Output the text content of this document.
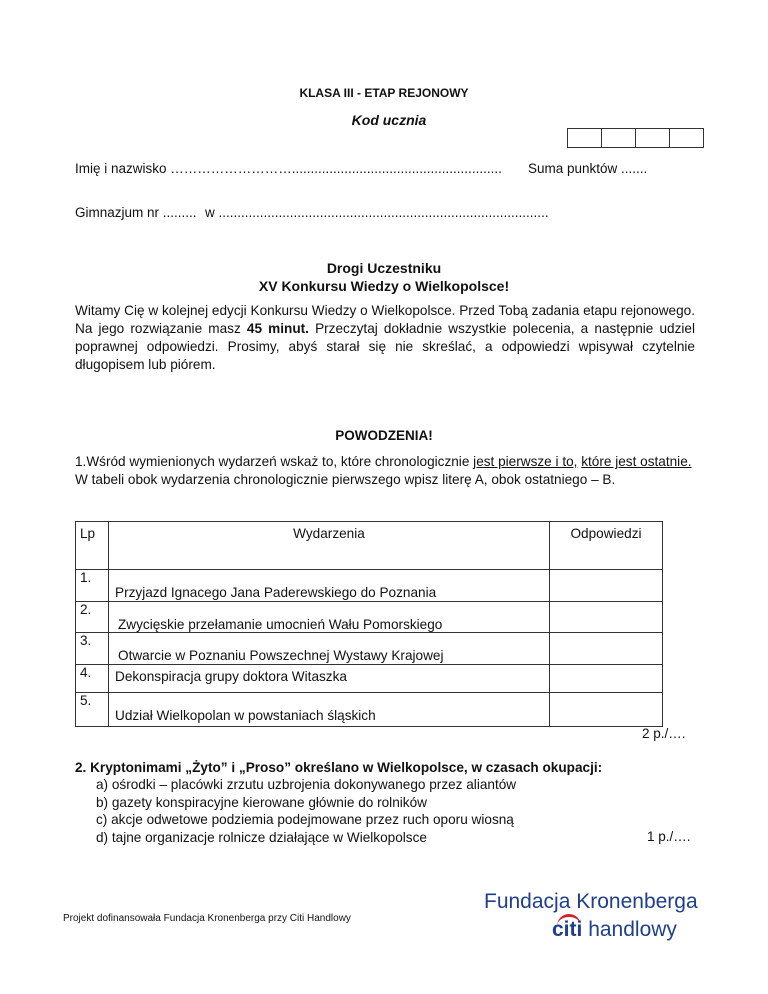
KLASA III - ETAP REJONOWY
Kod ucznia
Imię i nazwisko ………………………........................................................ Suma punktów .......
Gimnazjum nr ......... w ........................................................................................
Drogi Uczestniku
XV Konkursu Wiedzy o Wielkopolsce!
Witamy Cię w kolejnej edycji Konkursu Wiedzy o Wielkopolsce. Przed Tobą zadania etapu rejonowego. Na jego rozwiązanie masz 45 minut. Przeczytaj dokładnie wszystkie polecenia, a następnie udziel poprawnej odpowiedzi. Prosimy, abyś starał się nie skreślać, a odpowiedzi wpisywał czytelnie długopisem lub piórem.
POWODZENIA!
1.Wśród wymienionych wydarzeń wskaż to, które chronologicznie jest pierwsze i to, które jest ostatnie. W tabeli obok wydarzenia chronologicznie pierwszego wpisz literę A, obok ostatniego – B.
Lp	Wydarzenia	Odpowiedzi
1.	Przyjazd Ignacego Jana Paderewskiego do Poznania	
2.	Zwycięskie przełamanie umocnień Wału Pomorskiego	
3.	Otwarcie w Poznaniu Powszechnej Wystawy Krajowej	
4.	Dekonspiracja grupy doktora Witaszka	
5.	Udział Wielkopolan w powstaniach śląskich	
2 p./….
2. Kryptonimami „Żyto” i „Proso” określano w Wielkopolsce, w czasach okupacji:
a) ośrodki – placówki zrzutu uzbrojenia dokonywanego przez aliantów
b) gazety konspiracyjne kierowane głównie do rolników
c) akcje odwetowe podziemia podejmowane przez ruch oporu wiosną
d) tajne organizacje rolnicze działające w Wielkopolsce	1 p./….
Projekt dofinansowała Fundacja Kronenberga przy Citi Handlowy
Fundacja Kronenberga
citi handlowy
